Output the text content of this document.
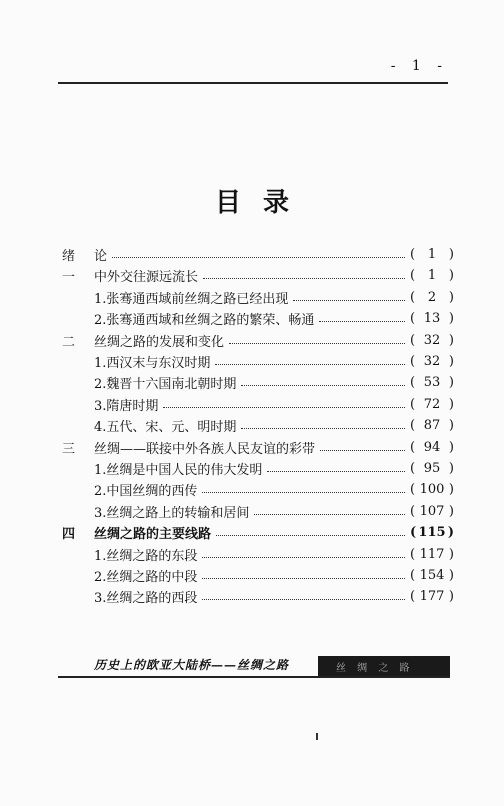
- 1 -
目录
绪	论	( 1 )
一	中外交往源远流长	( 1 )
1.张骞通西域前丝绸之路已经出现	( 2 )
2.张骞通西域和丝绸之路的繁荣、畅通	( 13 )
二	丝绸之路的发展和变化	( 32 )
1.西汉末与东汉时期	( 32 )
2.魏晋十六国南北朝时期	( 53 )
3.隋唐时期	( 72 )
4.五代、宋、元、明时期	( 87 )
三	丝绸——联接中外各族人民友谊的彩带	( 94 )
1.丝绸是中国人民的伟大发明	( 95 )
2.中国丝绸的西传	( 100 )
3.丝绸之路上的转输和居间	( 107 )
四	丝绸之路的主要线路	( 115 )
1.丝绸之路的东段	( 117 )
2.丝绸之路的中段	( 154 )
3.丝绸之路的西段	( 177 )
历史上的欧亚大陆桥——丝绸之路	丝 绸 之 路
